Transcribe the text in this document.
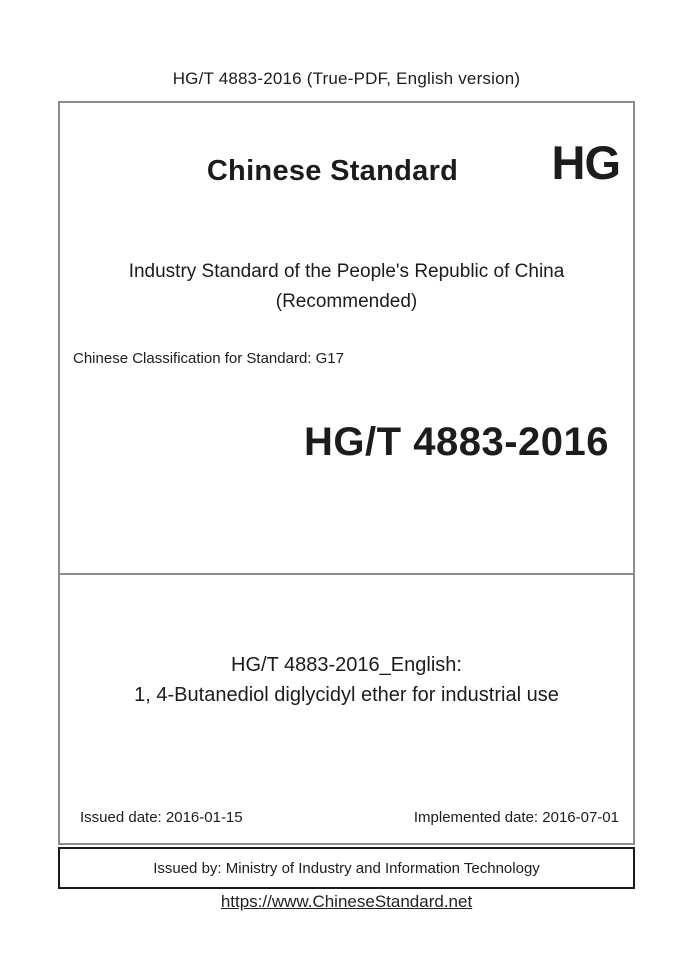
HG/T 4883-2016 (True-PDF, English version)
Chinese Standard	HG
Industry Standard of the People's Republic of China
(Recommended)
Chinese Classification for Standard: G17
HG/T 4883-2016
HG/T 4883-2016_English:
1, 4-Butanediol diglycidyl ether for industrial use
Issued date: 2016-01-15	Implemented date: 2016-07-01
Issued by: Ministry of Industry and Information Technology
https://www.ChineseStandard.net
